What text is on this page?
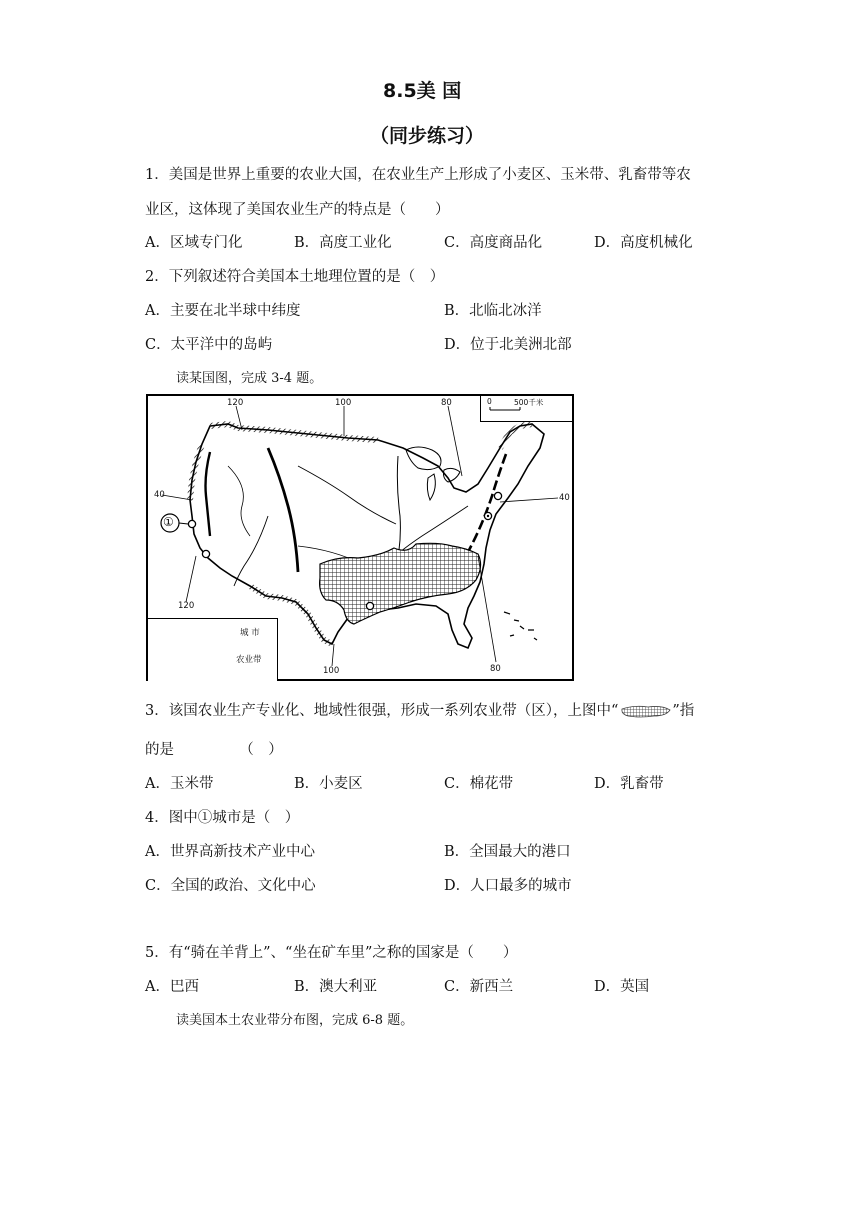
8.5美 国
（同步练习）
1．美国是世界上重要的农业大国，在农业生产上形成了小麦区、玉米带、乳畜带等农
业区，这体现了美国农业生产的特点是（　　）
A．区域专门化	B．高度工业化	C．高度商品化	D．高度机械化
2．下列叙述符合美国本土地理位置的是（　）
A．主要在北半球中纬度	B．北临北冰洋
C．太平洋中的岛屿	D．位于北美洲北部
读某国图，完成 3-4 题。
120	100	80
40	40
120
100	80
①
0	500千米
城 市
农业带
3．该国农业生产专业化、地域性很强，形成一系列农业带（区），上图中“	”指
的是　　　　　（　）
A．玉米带	B．小麦区	C．棉花带	D．乳畜带
4．图中①城市是（　）
A．世界高新技术产业中心	B．全国最大的港口
C．全国的政治、文化中心	D．人口最多的城市
5．有“骑在羊背上”、“坐在矿车里”之称的国家是（　　）
A．巴西	B．澳大利亚	C．新西兰	D．英国
读美国本土农业带分布图，完成 6-8 题。
